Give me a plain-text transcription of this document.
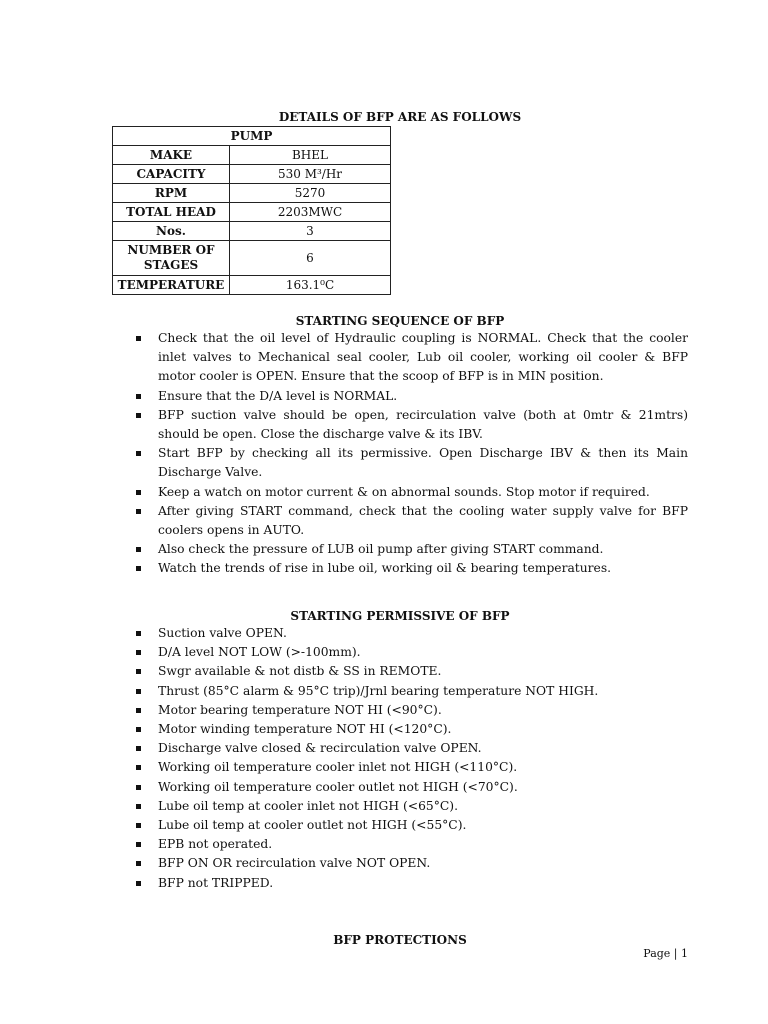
DETAILS OF BFP ARE AS FOLLOWS
PUMP	
MAKE	BHEL
CAPACITY	530 M³/Hr
RPM	5270
TOTAL HEAD	2203MWC
Nos.	3
NUMBER OF STAGES	6
TEMPERATURE	163.1⁰C
STARTING SEQUENCE OF BFP
Check that the oil level of Hydraulic coupling is NORMAL. Check that the cooler inlet valves to Mechanical seal cooler, Lub oil cooler, working oil cooler & BFP motor cooler is OPEN. Ensure that the scoop of BFP is in MIN position.
Ensure that the D/A level is NORMAL.
BFP suction valve should be open, recirculation valve (both at 0mtr & 21mtrs) should be open. Close the discharge valve & its IBV.
Start BFP by checking all its permissive. Open Discharge IBV & then its Main Discharge Valve.
Keep a watch on motor current & on abnormal sounds. Stop motor if required.
After giving START command, check that the cooling water supply valve for BFP coolers opens in AUTO.
Also check the pressure of LUB oil pump after giving START command.
Watch the trends of rise in lube oil, working oil & bearing temperatures.
STARTING PERMISSIVE OF BFP
Suction valve OPEN.
D/A level NOT LOW (>-100mm).
Swgr available & not distb & SS in REMOTE.
Thrust (85°C alarm & 95°C trip)/Jrnl bearing temperature NOT HIGH.
Motor bearing temperature NOT HI (<90°C).
Motor winding temperature NOT HI (<120°C).
Discharge valve closed & recirculation valve OPEN.
Working oil temperature cooler inlet not HIGH (<110°C).
Working oil temperature cooler outlet not HIGH (<70°C).
Lube oil temp at cooler inlet not HIGH (<65°C).
Lube oil temp at cooler outlet not HIGH (<55°C).
EPB not operated.
BFP ON OR recirculation valve NOT OPEN.
BFP not TRIPPED.
BFP PROTECTIONS
Page | 1
